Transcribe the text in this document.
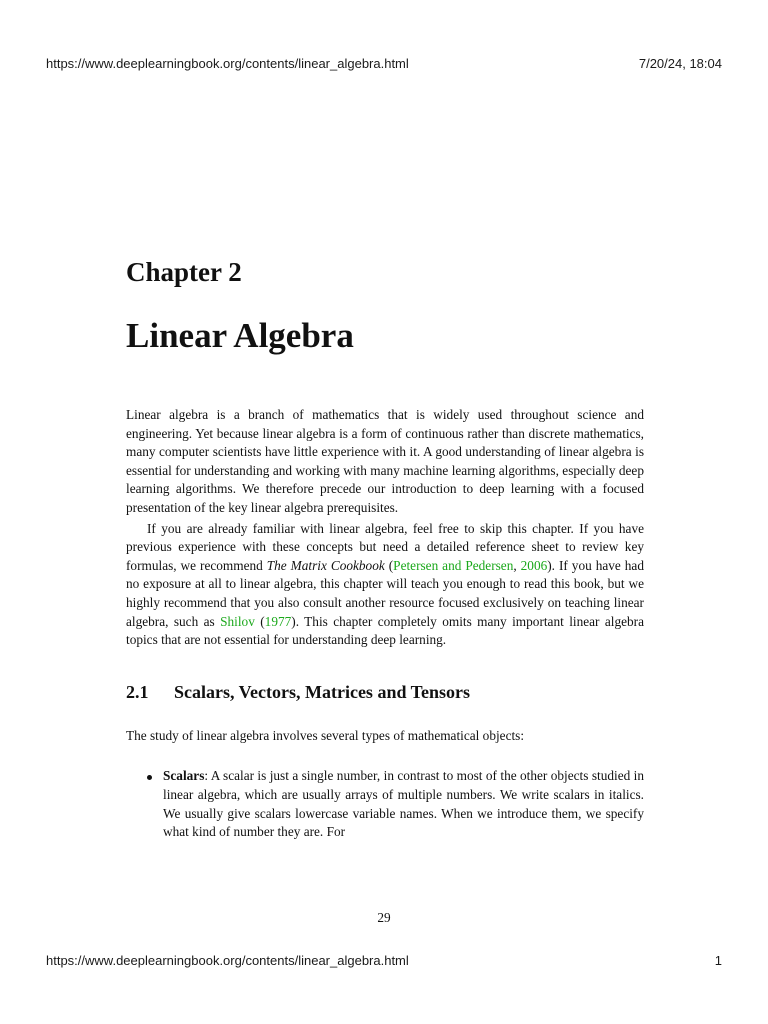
https://www.deeplearningbook.org/contents/linear_algebra.html	7/20/24, 18:04
Chapter 2
Linear Algebra

Linear algebra is a branch of mathematics that is widely used throughout science and engineering. Yet because linear algebra is a form of continuous rather than discrete mathematics, many computer scientists have little experience with it. A good understanding of linear algebra is essential for understanding and working with many machine learning algorithms, especially deep learning algorithms. We therefore precede our introduction to deep learning with a focused presentation of the key linear algebra prerequisites.

If you are already familiar with linear algebra, feel free to skip this chapter. If you have previous experience with these concepts but need a detailed reference sheet to review key formulas, we recommend The Matrix Cookbook (Petersen and Pedersen, 2006). If you have had no exposure at all to linear algebra, this chapter will teach you enough to read this book, but we highly recommend that you also consult another resource focused exclusively on teaching linear algebra, such as Shilov (1977). This chapter completely omits many important linear algebra topics that are not essential for understanding deep learning.

2.1	Scalars, Vectors, Matrices and Tensors

The study of linear algebra involves several types of mathematical objects:

Scalars: A scalar is just a single number, in contrast to most of the other objects studied in linear algebra, which are usually arrays of multiple numbers. We write scalars in italics. We usually give scalars lowercase variable names. When we introduce them, we specify what kind of number they are. For
29
https://www.deeplearningbook.org/contents/linear_algebra.html	1
